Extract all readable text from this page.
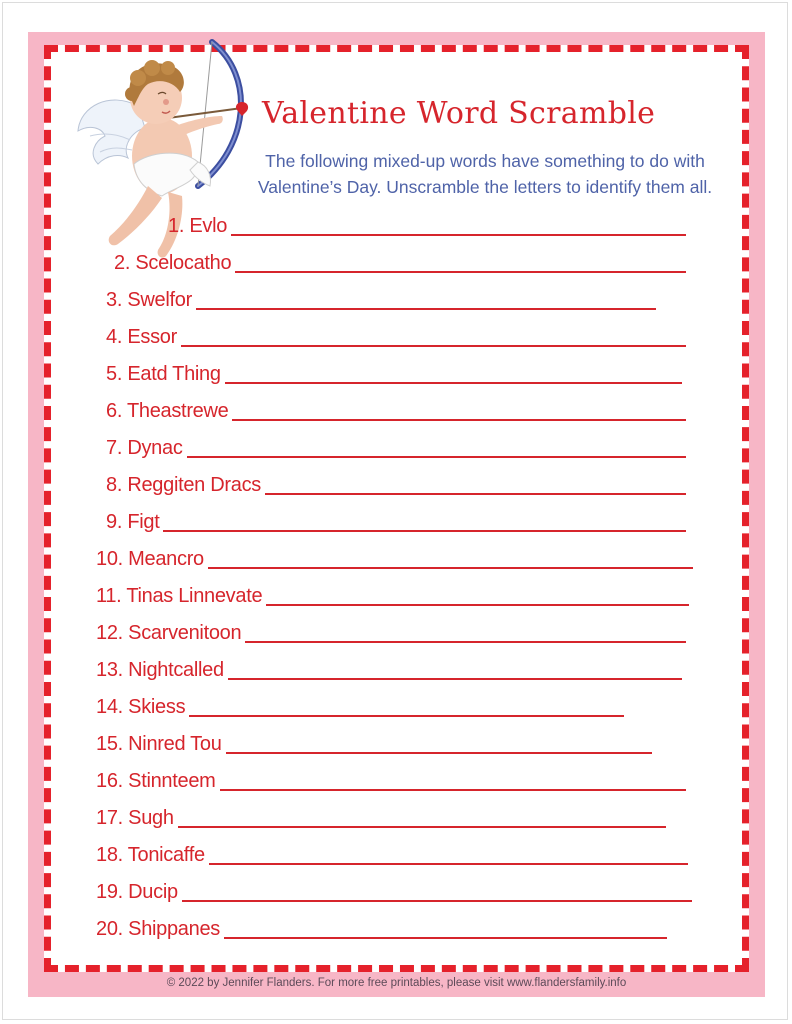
Valentine Word Scramble
The following mixed-up words have something to do with
Valentine’s Day. Unscramble the letters to identify them all.
1. Evlo
2. Scelocatho
3. Swelfor
4. Essor
5. Eatd Thing
6. Theastrewe
7. Dynac
8. Reggiten Dracs
9. Figt
10. Meancro
11. Tinas Linnevate
12. Scarvenitoon
13. Nightcalled
14. Skiess
15. Ninred Tou
16. Stinnteem
17. Sugh
18. Tonicaffe
19. Ducip
20. Shippanes
© 2022 by Jennifer Flanders. For more free printables, please visit www.flandersfamily.info
